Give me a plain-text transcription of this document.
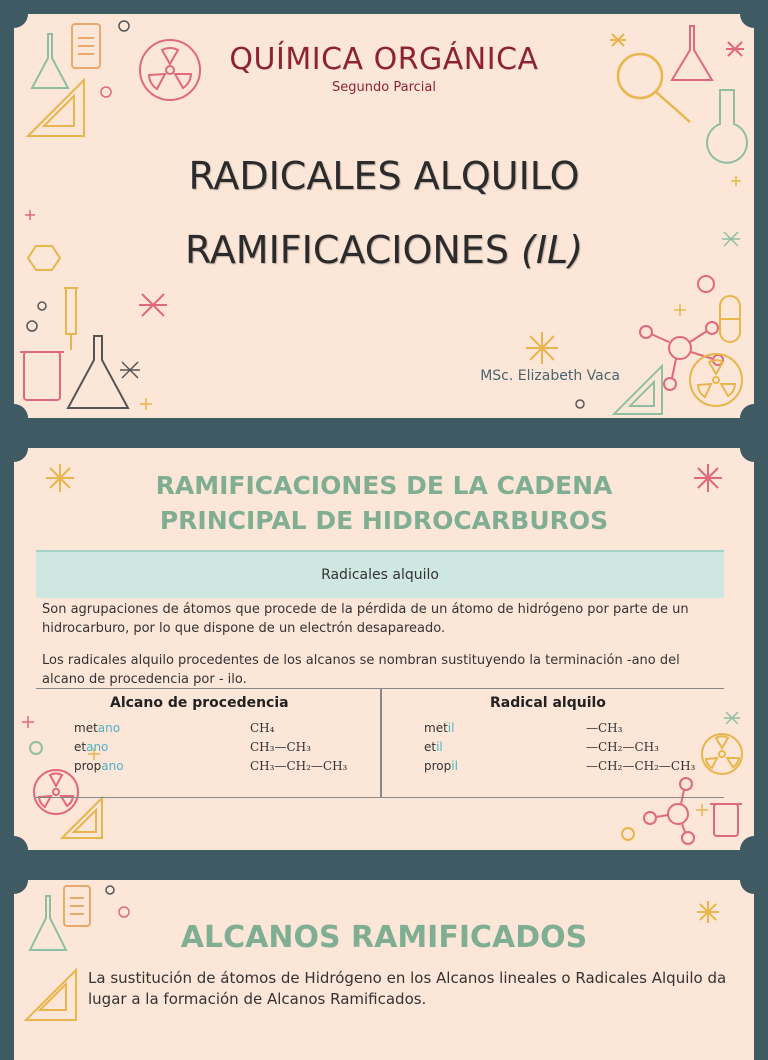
QUÍMICA ORGÁNICA
Segundo Parcial
RADICALES ALQUILO
RAMIFICACIONES (IL)
MSc. Elizabeth Vaca
RAMIFICACIONES DE LA CADENA
PRINCIPAL DE HIDROCARBUROS
Radicales alquilo
Son agrupaciones de átomos que procede de la pérdida de un átomo de hidrógeno por parte de un hidrocarburo, por lo que dispone de un electrón desapareado.
Los radicales alquilo procedentes de los alcanos se nombran sustituyendo la terminación -ano del alcano de procedencia por - ilo.
Alcano de procedencia	Radical alquilo
metano
etano
propano
CH₄
CH₃—CH₃
CH₃—CH₂—CH₃
metil
etil
propil
—CH₃
—CH₂—CH₃
—CH₂—CH₂—CH₃
ALCANOS RAMIFICADOS
La sustitución de átomos de Hidrógeno en los Alcanos lineales o Radicales Alquilo da lugar a la formación de Alcanos Ramificados.
